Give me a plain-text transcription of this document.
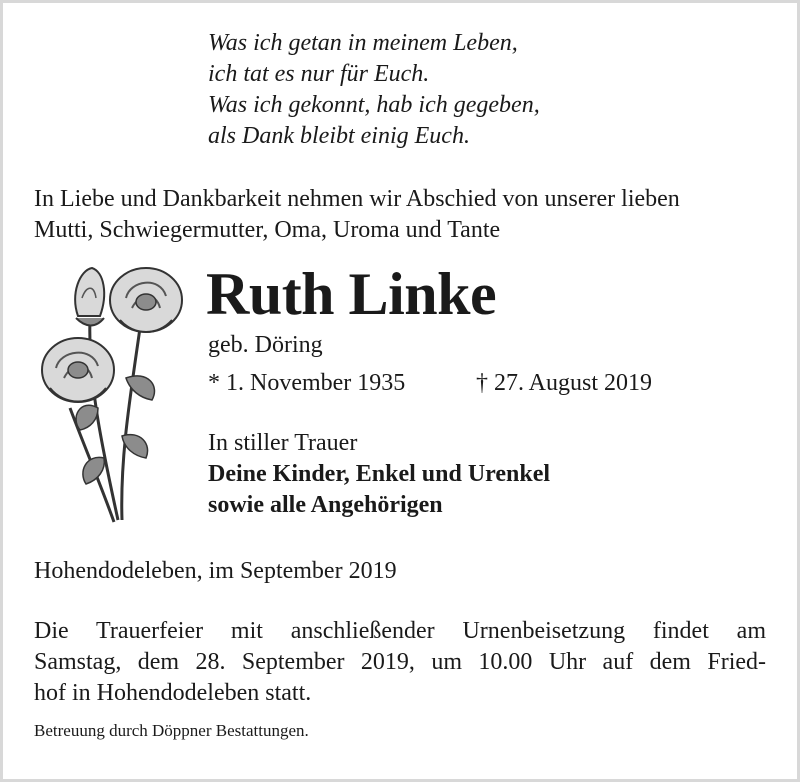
Was ich getan in meinem Leben,
ich tat es nur für Euch.
Was ich gekonnt, hab ich gegeben,
als Dank bleibt einig Euch.
In Liebe und Dankbarkeit nehmen wir Abschied von unserer lieben
Mutti, Schwiegermutter, Oma, Uroma und Tante
Ruth Linke
geb. Döring
* 1. November 1935	† 27. August 2019
In stiller Trauer
Deine Kinder, Enkel und Urenkel
sowie alle Angehörigen
Hohendodeleben, im September 2019
Die Trauerfeier mit anschließender Urnenbeisetzung findet am
Samstag, dem 28. September 2019, um 10.00 Uhr auf dem Fried-
hof in Hohendodeleben statt.
Betreuung durch Döppner Bestattungen.
